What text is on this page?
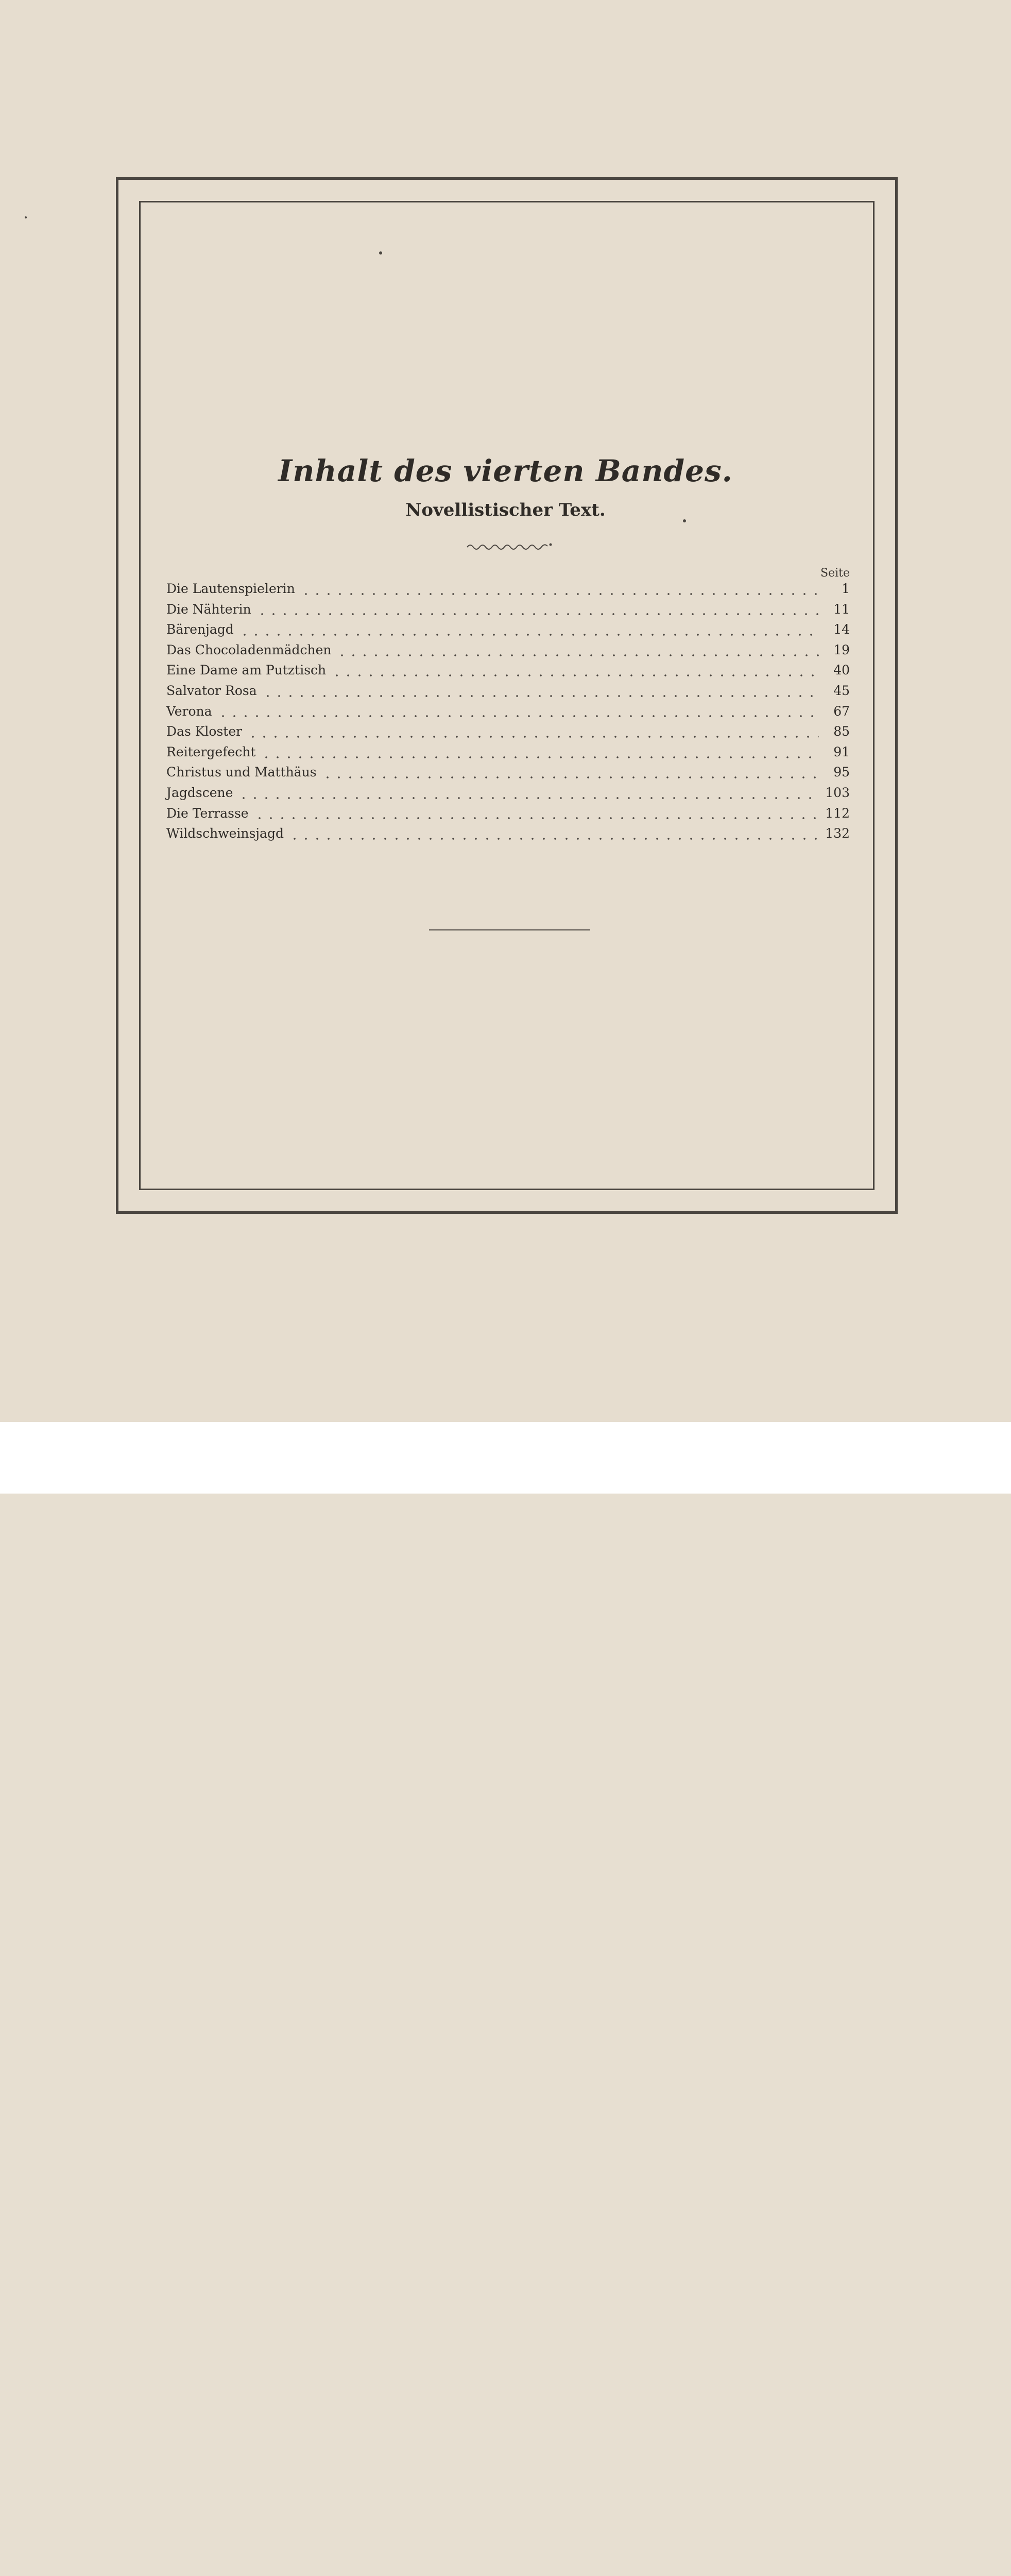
Inhalt des vierten Bandes.
Novellistischer Text.
Seite
Die Lautenspielerin	1
Die Nähterin	11
Bärenjagd	14
Das Chocoladenmädchen	19
Eine Dame am Putztisch	40
Salvator Rosa	45
Verona	67
Das Kloster	85
Reitergefecht	91
Christus und Matthäus	95
Jagdscene	103
Die Terrasse	112
Wildschweinsjagd	132
